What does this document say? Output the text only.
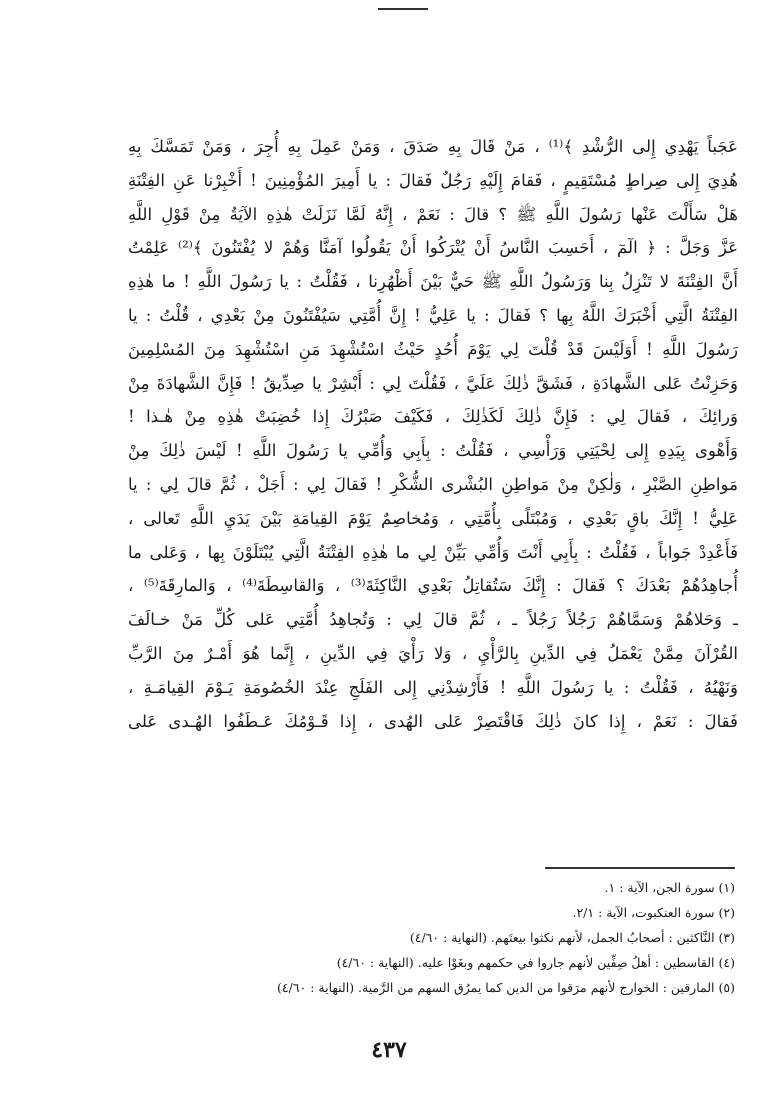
عَجَباً يَهْدِي إِلى الرُّشْدِ ﴾⁽¹⁾ ، مَنْ قَالَ بِهِ صَدَقَ ، وَمَنْ عَمِلَ بِهِ أُجِرَ ، وَمَنْ تَمَسَّكَ بِهِ
هُدِيَ إِلى صِراطٍ مُسْتَقِيمٍ ، فَقامَ إِلَيْهِ رَجُلٌ فَقالَ : يا أَمِيرَ المُؤْمِنِينَ ! أَخْبِرْنا عَنِ الفِتْنَةِ
هَلْ سَأَلْتَ عَنْها رَسُولَ اللَّهِ ﷺ ؟ قالَ : نَعَمْ ، إِنَّهُ لَمَّا نَزَلَتْ هٰذِهِ الآيَةُ مِنْ قَوْلِ اللَّهِ
عَزَّ وَجَلَّ : ﴿ الٓمٓ ، أَحَسِبَ النَّاسُ أَنْ يُتْرَكُوا أَنْ يَقُولُوا آمَنَّا وَهُمْ لا يُفْتَنُونَ ﴾⁽²⁾ عَلِمْتُ
أَنَّ الفِتْنَةَ لا تَنْزِلُ بِنا وَرَسُولُ اللَّهِ ﷺ حَيٌّ بَيْنَ أَظْهُرِنا ، فَقُلْتُ : يا رَسُولَ اللَّهِ ! ما هٰذِهِ
الفِتْنَةُ الَّتِي أَخْبَرَكَ اللَّهُ بِها ؟ فَقالَ : يا عَلِيُّ ! إِنَّ أُمَّتِي سَيُفْتَنُونَ مِنْ بَعْدِي ، قُلْتُ : يا
رَسُولَ اللَّهِ ! أَوَلَيْسَ قَدْ قُلْتَ لِي يَوْمَ أُحُدٍ حَيْثُ اسْتُشْهِدَ مَنِ اسْتُشْهِدَ مِنَ المُسْلِمِينَ
وَحَزِنْتُ عَلى الشَّهادَةِ ، فَشَقَّ ذٰلِكَ عَلَيَّ ، فَقُلْتَ لِي : أَبْشِرْ يا صِدِّيقُ ! فَإِنَّ الشَّهادَةَ مِنْ
وَرائِكَ ، فَقالَ لِي : فَإِنَّ ذٰلِكَ لَكَذٰلِكَ ، فَكَيْفَ صَبْرُكَ إِذا خُضِبَتْ هٰذِهِ مِنْ هٰـذا !
وَأَهْوى بِيَدِهِ إِلى لِحْيَتِي وَرَأْسِي ، فَقُلْتُ : بِأَبِي وَأُمِّي يا رَسُولَ اللَّهِ ! لَيْسَ ذٰلِكَ مِنْ
مَواطِنِ الصَّبْرِ ، وَلٰكِنْ مِنْ مَواطِنِ البُشْرى الشُّكْرِ ! فَقالَ لِي : أَجَلْ ، ثُمَّ قالَ لِي : يا
عَلِيُّ ! إِنَّكَ باقٍ بَعْدِي ، وَمُبْتَلًى بِأُمَّتِي ، وَمُخاصِمٌ يَوْمَ القِيامَةِ بَيْنَ يَدَيِ اللَّهِ تَعالى ،
فَأَعْدِدْ جَواباً ، فَقُلْتُ : بِأَبِي أَنْتَ وَأُمِّي بَيِّنْ لِي ما هٰذِهِ الفِتْنَةُ الَّتِي يُبْتَلَوْنَ بِها ، وَعَلى ما
أُجاهِدُهُمْ بَعْدَكَ ؟ فَقالَ : إِنَّكَ سَتُقاتِلُ بَعْدِي النَّاكِثَةَ⁽³⁾ ، وَالقاسِطَةَ⁽⁴⁾ ، وَالمارِقَةَ⁽⁵⁾ ،
ـ وَحَلاهُمْ وَسَمَّاهُمْ رَجُلاً رَجُلاً ـ ، ثُمَّ قالَ لِي : وَتُجاهِدُ أُمَّتِي عَلى كُلِّ مَنْ خـالَفَ
القُرْآنَ مِمَّنْ يَعْمَلُ فِي الدِّينِ بِالرَّأْيِ ، وَلا رَأْيَ فِي الدِّينِ ، إِنَّما هُوَ أَمْـرٌ مِنَ الرَّبِّ
وَنَهْيُهُ ، فَقُلْتُ : يا رَسُولَ اللَّهِ ! فَأَرْشِدْنِي إِلى الفَلَجِ عِنْدَ الخُصُومَةِ يَـوْمَ القِيامَـةِ ،
فَقالَ : نَعَمْ ، إِذا كانَ ذٰلِكَ فَاقْتَصِرْ عَلى الهُدى ، إِذا قَـوْمُكَ عَـطَفُوا الهُـدى عَلى
(١) سورة الجن، الآية : ١.
(٢) سورة العنكبوت، الآية : ٢/١.
(٣) النَّاكثين : أصحابُ الجمل، لأنهم نكثوا بيعتَهم. (النهاية : ٤/٦٠)
(٤) القاسطين : أهلُ صِفِّين لأنهم جاروا في حكمهم وبغَوْا عليه. (النهاية : ٤/٦٠)
(٥) المارقين : الخوارج لأنهم مرَقوا من الدين كما يمرُق السهم من الرَّمية. (النهاية : ٤/٦٠)
٤٣٧
